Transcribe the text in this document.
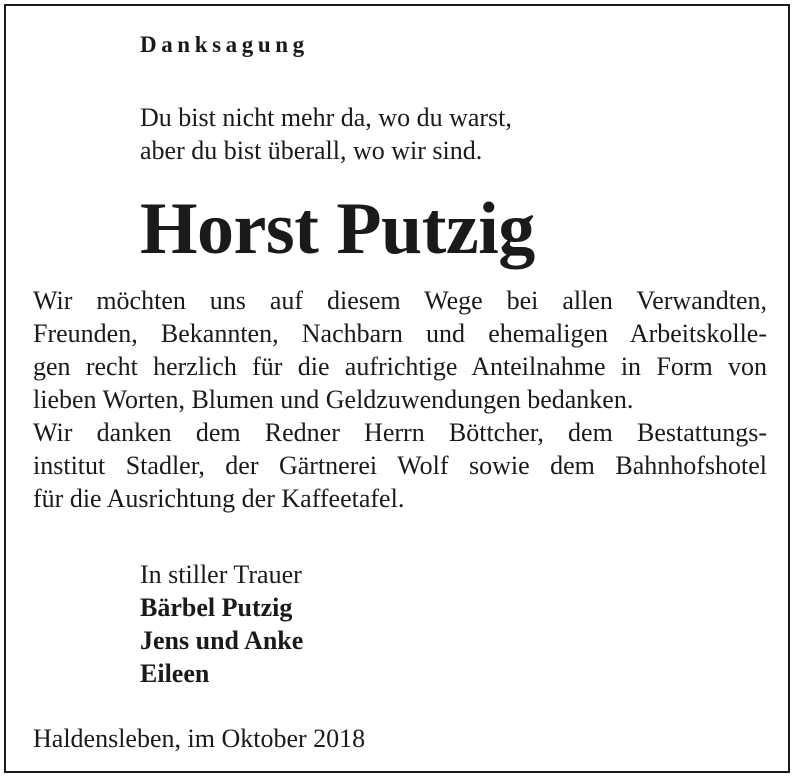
Danksagung
Du bist nicht mehr da, wo du warst,
aber du bist überall, wo wir sind.
Horst Putzig
Wir möchten uns auf diesem Wege bei allen Verwandten,
Freunden, Bekannten, Nachbarn und ehemaligen Arbeitskolle-
gen recht herzlich für die aufrichtige Anteilnahme in Form von
lieben Worten, Blumen und Geldzuwendungen bedanken.
Wir danken dem Redner Herrn Böttcher, dem Bestattungs-
institut Stadler, der Gärtnerei Wolf sowie dem Bahnhofshotel
für die Ausrichtung der Kaffeetafel.
In stiller Trauer
Bärbel Putzig
Jens und Anke
Eileen
Haldensleben, im Oktober 2018
